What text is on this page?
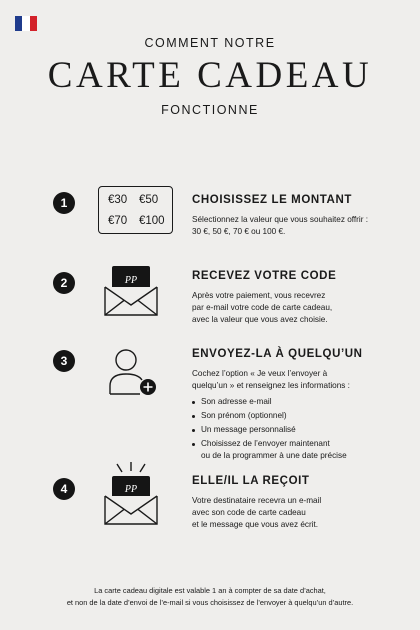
COMMENT NOTRE

CARTE CADEAU

FONCTIONNE

1	€30 €50
€70 €100

CHOISISSEZ LE MONTANT

Sélectionnez la valeur que vous souhaitez offrir :
30 €, 50 €, 70 € ou 100 €.

2	PP	RECEVEZ VOTRE CODE

Après votre paiement, vous recevrez
par e-mail votre code de carte cadeau,
avec la valeur que vous avez choisie.

3	ENVOYEZ-LA À QUELQU’UN

Cochez l’option « Je veux l’envoyer à
quelqu’un » et renseignez les informations :

Son adresse e-mail
Son prénom (optionnel)
Un message personnalisé
Choisissez de l’envoyer maintenant
ou de la programmer à une date précise
4	PP

ELLE/IL LA REÇOIT

Votre destinataire recevra un e-mail
avec son code de carte cadeau
et le message que vous avez écrit.

La carte cadeau digitale est valable 1 an à compter de sa date d’achat,

et non de la date d’envoi de l’e-mail si vous choisissez de l’envoyer à quelqu’un d’autre.
